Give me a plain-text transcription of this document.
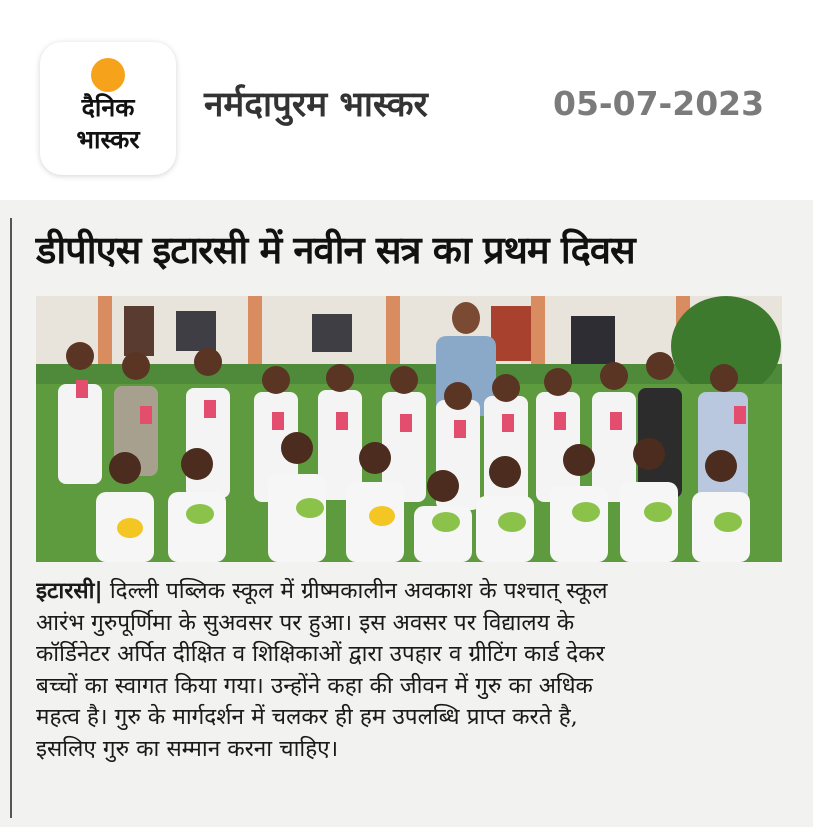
दैनिक
भास्कर
नर्मदापुरम भास्कर	05-07-2023
डीपीएस इटारसी में नवीन सत्र का प्रथम दिवस
इटारसी| दिल्ली पब्लिक स्कूल में ग्रीष्मकालीन अवकाश के पश्चात् स्कूल
आरंभ गुरुपूर्णिमा के सुअवसर पर हुआ। इस अवसर पर विद्यालय के
कॉर्डिनेटर अर्पित दीक्षित व शिक्षिकाओं द्वारा उपहार व ग्रीटिंग कार्ड देकर
बच्चों का स्वागत किया गया। उन्होंने कहा की जीवन में गुरु का अधिक
महत्व है। गुरु के मार्गदर्शन में चलकर ही हम उपलब्धि प्राप्त करते है,
इसलिए गुरु का सम्मान करना चाहिए।
